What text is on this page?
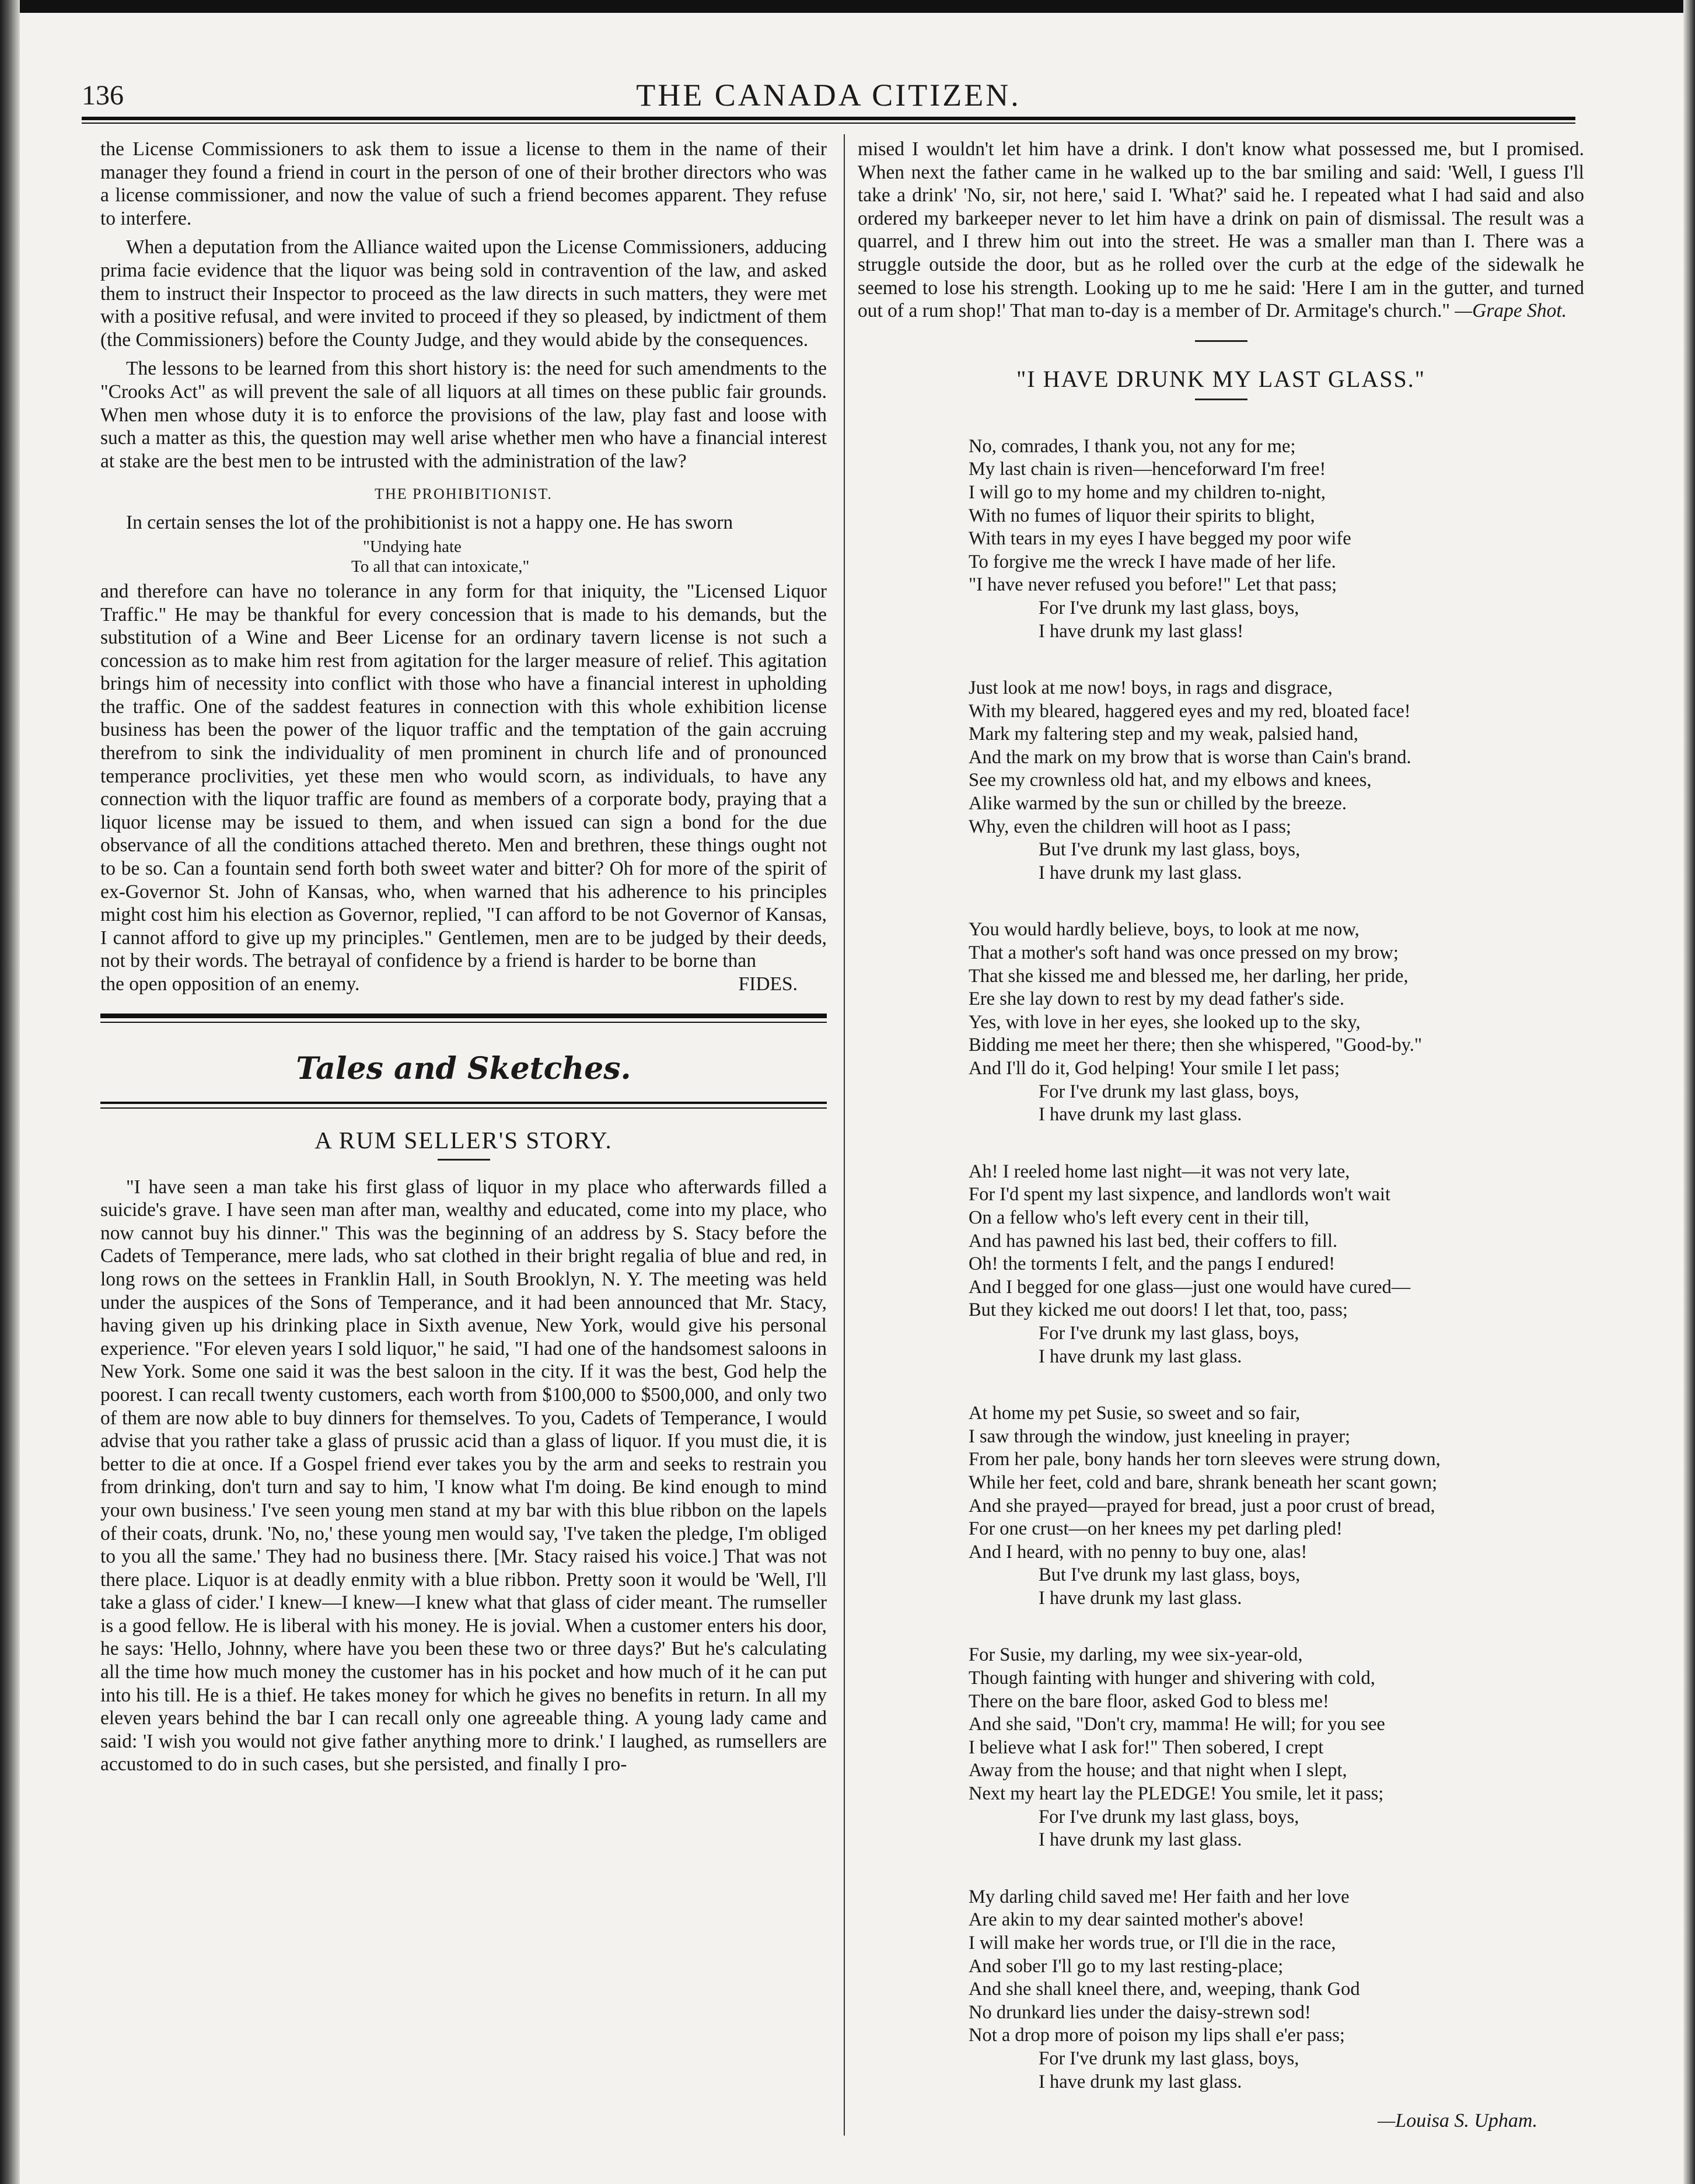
136	THE CANADA CITIZEN.

the License Commissioners to ask them to issue a license to them in the name of their manager they found a friend in court in the person of one of their brother directors who was a license commissioner, and now the value of such a friend becomes apparent. They refuse to interfere.

When a deputation from the Alliance waited upon the License Commissioners, adducing prima facie evidence that the liquor was being sold in contravention of the law, and asked them to instruct their Inspector to proceed as the law directs in such matters, they were met with a positive refusal, and were invited to proceed if they so pleased, by indictment of them (the Commissioners) before the County Judge, and they would abide by the consequences.

The lessons to be learned from this short history is: the need for such amendments to the "Crooks Act" as will prevent the sale of all liquors at all times on these public fair grounds. When men whose duty it is to enforce the provisions of the law, play fast and loose with such a matter as this, the question may well arise whether men who have a financial interest at stake are the best men to be intrusted with the administration of the law?

THE PROHIBITIONIST.

In certain senses the lot of the prohibitionist is not a happy one. He has sworn

"Undying hate
To all that can intoxicate,"

and therefore can have no tolerance in any form for that iniquity, the "Licensed Liquor Traffic." He may be thankful for every concession that is made to his demands, but the substitution of a Wine and Beer License for an ordinary tavern license is not such a concession as to make him rest from agitation for the larger measure of relief. This agitation brings him of necessity into conflict with those who have a financial interest in upholding the traffic. One of the saddest features in connection with this whole exhibition license business has been the power of the liquor traffic and the temptation of the gain accruing therefrom to sink the individuality of men prominent in church life and of pronounced temperance proclivities, yet these men who would scorn, as individuals, to have any connection with the liquor traffic are found as members of a corporate body, praying that a liquor license may be issued to them, and when issued can sign a bond for the due observance of all the conditions attached thereto. Men and brethren, these things ought not to be so. Can a fountain send forth both sweet water and bitter? Oh for more of the spirit of ex-Governor St. John of Kansas, who, when warned that his adherence to his principles might cost him his election as Governor, replied, "I can afford to be not Governor of Kansas, I cannot afford to give up my principles." Gentlemen, men are to be judged by their deeds, not by their words. The betrayal of confidence by a friend is harder to be borne than

the open opposition of an enemy.	FIDES.
Tales and Sketches.
A RUM SELLER'S STORY.

"I have seen a man take his first glass of liquor in my place who afterwards filled a suicide's grave. I have seen man after man, wealthy and educated, come into my place, who now cannot buy his dinner." This was the beginning of an address by S. Stacy before the Cadets of Temperance, mere lads, who sat clothed in their bright regalia of blue and red, in long rows on the settees in Franklin Hall, in South Brooklyn, N. Y. The meeting was held under the auspices of the Sons of Temperance, and it had been announced that Mr. Stacy, having given up his drinking place in Sixth avenue, New York, would give his personal experience. "For eleven years I sold liquor," he said, "I had one of the handsomest saloons in New York. Some one said it was the best saloon in the city. If it was the best, God help the poorest. I can recall twenty customers, each worth from $100,000 to $500,000, and only two of them are now able to buy dinners for themselves. To you, Cadets of Temperance, I would advise that you rather take a glass of prussic acid than a glass of liquor. If you must die, it is better to die at once. If a Gospel friend ever takes you by the arm and seeks to restrain you from drinking, don't turn and say to him, 'I know what I'm doing. Be kind enough to mind your own business.' I've seen young men stand at my bar with this blue ribbon on the lapels of their coats, drunk. 'No, no,' these young men would say, 'I've taken the pledge, I'm obliged to you all the same.' They had no business there. [Mr. Stacy raised his voice.] That was not there place. Liquor is at deadly enmity with a blue ribbon. Pretty soon it would be 'Well, I'll take a glass of cider.' I knew—I knew—I knew what that glass of cider meant. The rumseller is a good fellow. He is liberal with his money. He is jovial. When a customer enters his door, he says: 'Hello, Johnny, where have you been these two or three days?' But he's calculating all the time how much money the customer has in his pocket and how much of it he can put into his till. He is a thief. He takes money for which he gives no benefits in return. In all my eleven years behind the bar I can recall only one agreeable thing. A young lady came and said: 'I wish you would not give father anything more to drink.' I laughed, as rumsellers are accustomed to do in such cases, but she persisted, and finally I pro-

mised I wouldn't let him have a drink. I don't know what possessed me, but I promised. When next the father came in he walked up to the bar smiling and said: 'Well, I guess I'll take a drink' 'No, sir, not here,' said I. 'What?' said he. I repeated what I had said and also ordered my barkeeper never to let him have a drink on pain of dismissal. The result was a quarrel, and I threw him out into the street. He was a smaller man than I. There was a struggle outside the door, but as he rolled over the curb at the edge of the sidewalk he seemed to lose his strength. Looking up to me he said: 'Here I am in the gutter, and turned out of a rum shop!' That man to-day is a member of Dr. Armitage's church." —Grape Shot.

"I HAVE DRUNK MY LAST GLASS."
No, comrades, I thank you, not any for me;
My last chain is riven—henceforward I'm free!
I will go to my home and my children to-night,
With no fumes of liquor their spirits to blight,
With tears in my eyes I have begged my poor wife
To forgive me the wreck I have made of her life.
"I have never refused you before!" Let that pass;
For I've drunk my last glass, boys,
I have drunk my last glass!
Just look at me now! boys, in rags and disgrace,
With my bleared, haggered eyes and my red, bloated face!
Mark my faltering step and my weak, palsied hand,
And the mark on my brow that is worse than Cain's brand.
See my crownless old hat, and my elbows and knees,
Alike warmed by the sun or chilled by the breeze.
Why, even the children will hoot as I pass;
But I've drunk my last glass, boys,
I have drunk my last glass.
You would hardly believe, boys, to look at me now,
That a mother's soft hand was once pressed on my brow;
That she kissed me and blessed me, her darling, her pride,
Ere she lay down to rest by my dead father's side.
Yes, with love in her eyes, she looked up to the sky,
Bidding me meet her there; then she whispered, "Good-by."
And I'll do it, God helping! Your smile I let pass;
For I've drunk my last glass, boys,
I have drunk my last glass.
Ah! I reeled home last night—it was not very late,
For I'd spent my last sixpence, and landlords won't wait
On a fellow who's left every cent in their till,
And has pawned his last bed, their coffers to fill.
Oh! the torments I felt, and the pangs I endured!
And I begged for one glass—just one would have cured—
But they kicked me out doors! I let that, too, pass;
For I've drunk my last glass, boys,
I have drunk my last glass.
At home my pet Susie, so sweet and so fair,
I saw through the window, just kneeling in prayer;
From her pale, bony hands her torn sleeves were strung down,
While her feet, cold and bare, shrank beneath her scant gown;
And she prayed—prayed for bread, just a poor crust of bread,
For one crust—on her knees my pet darling pled!
And I heard, with no penny to buy one, alas!
But I've drunk my last glass, boys,
I have drunk my last glass.
For Susie, my darling, my wee six-year-old,
Though fainting with hunger and shivering with cold,
There on the bare floor, asked God to bless me!
And she said, "Don't cry, mamma! He will; for you see
I believe what I ask for!" Then sobered, I crept
Away from the house; and that night when I slept,
Next my heart lay the PLEDGE! You smile, let it pass;
For I've drunk my last glass, boys,
I have drunk my last glass.
My darling child saved me! Her faith and her love
Are akin to my dear sainted mother's above!
I will make her words true, or I'll die in the race,
And sober I'll go to my last resting-place;
And she shall kneel there, and, weeping, thank God
No drunkard lies under the daisy-strewn sod!
Not a drop more of poison my lips shall e'er pass;
For I've drunk my last glass, boys,
I have drunk my last glass.
—Louisa S. Upham.
